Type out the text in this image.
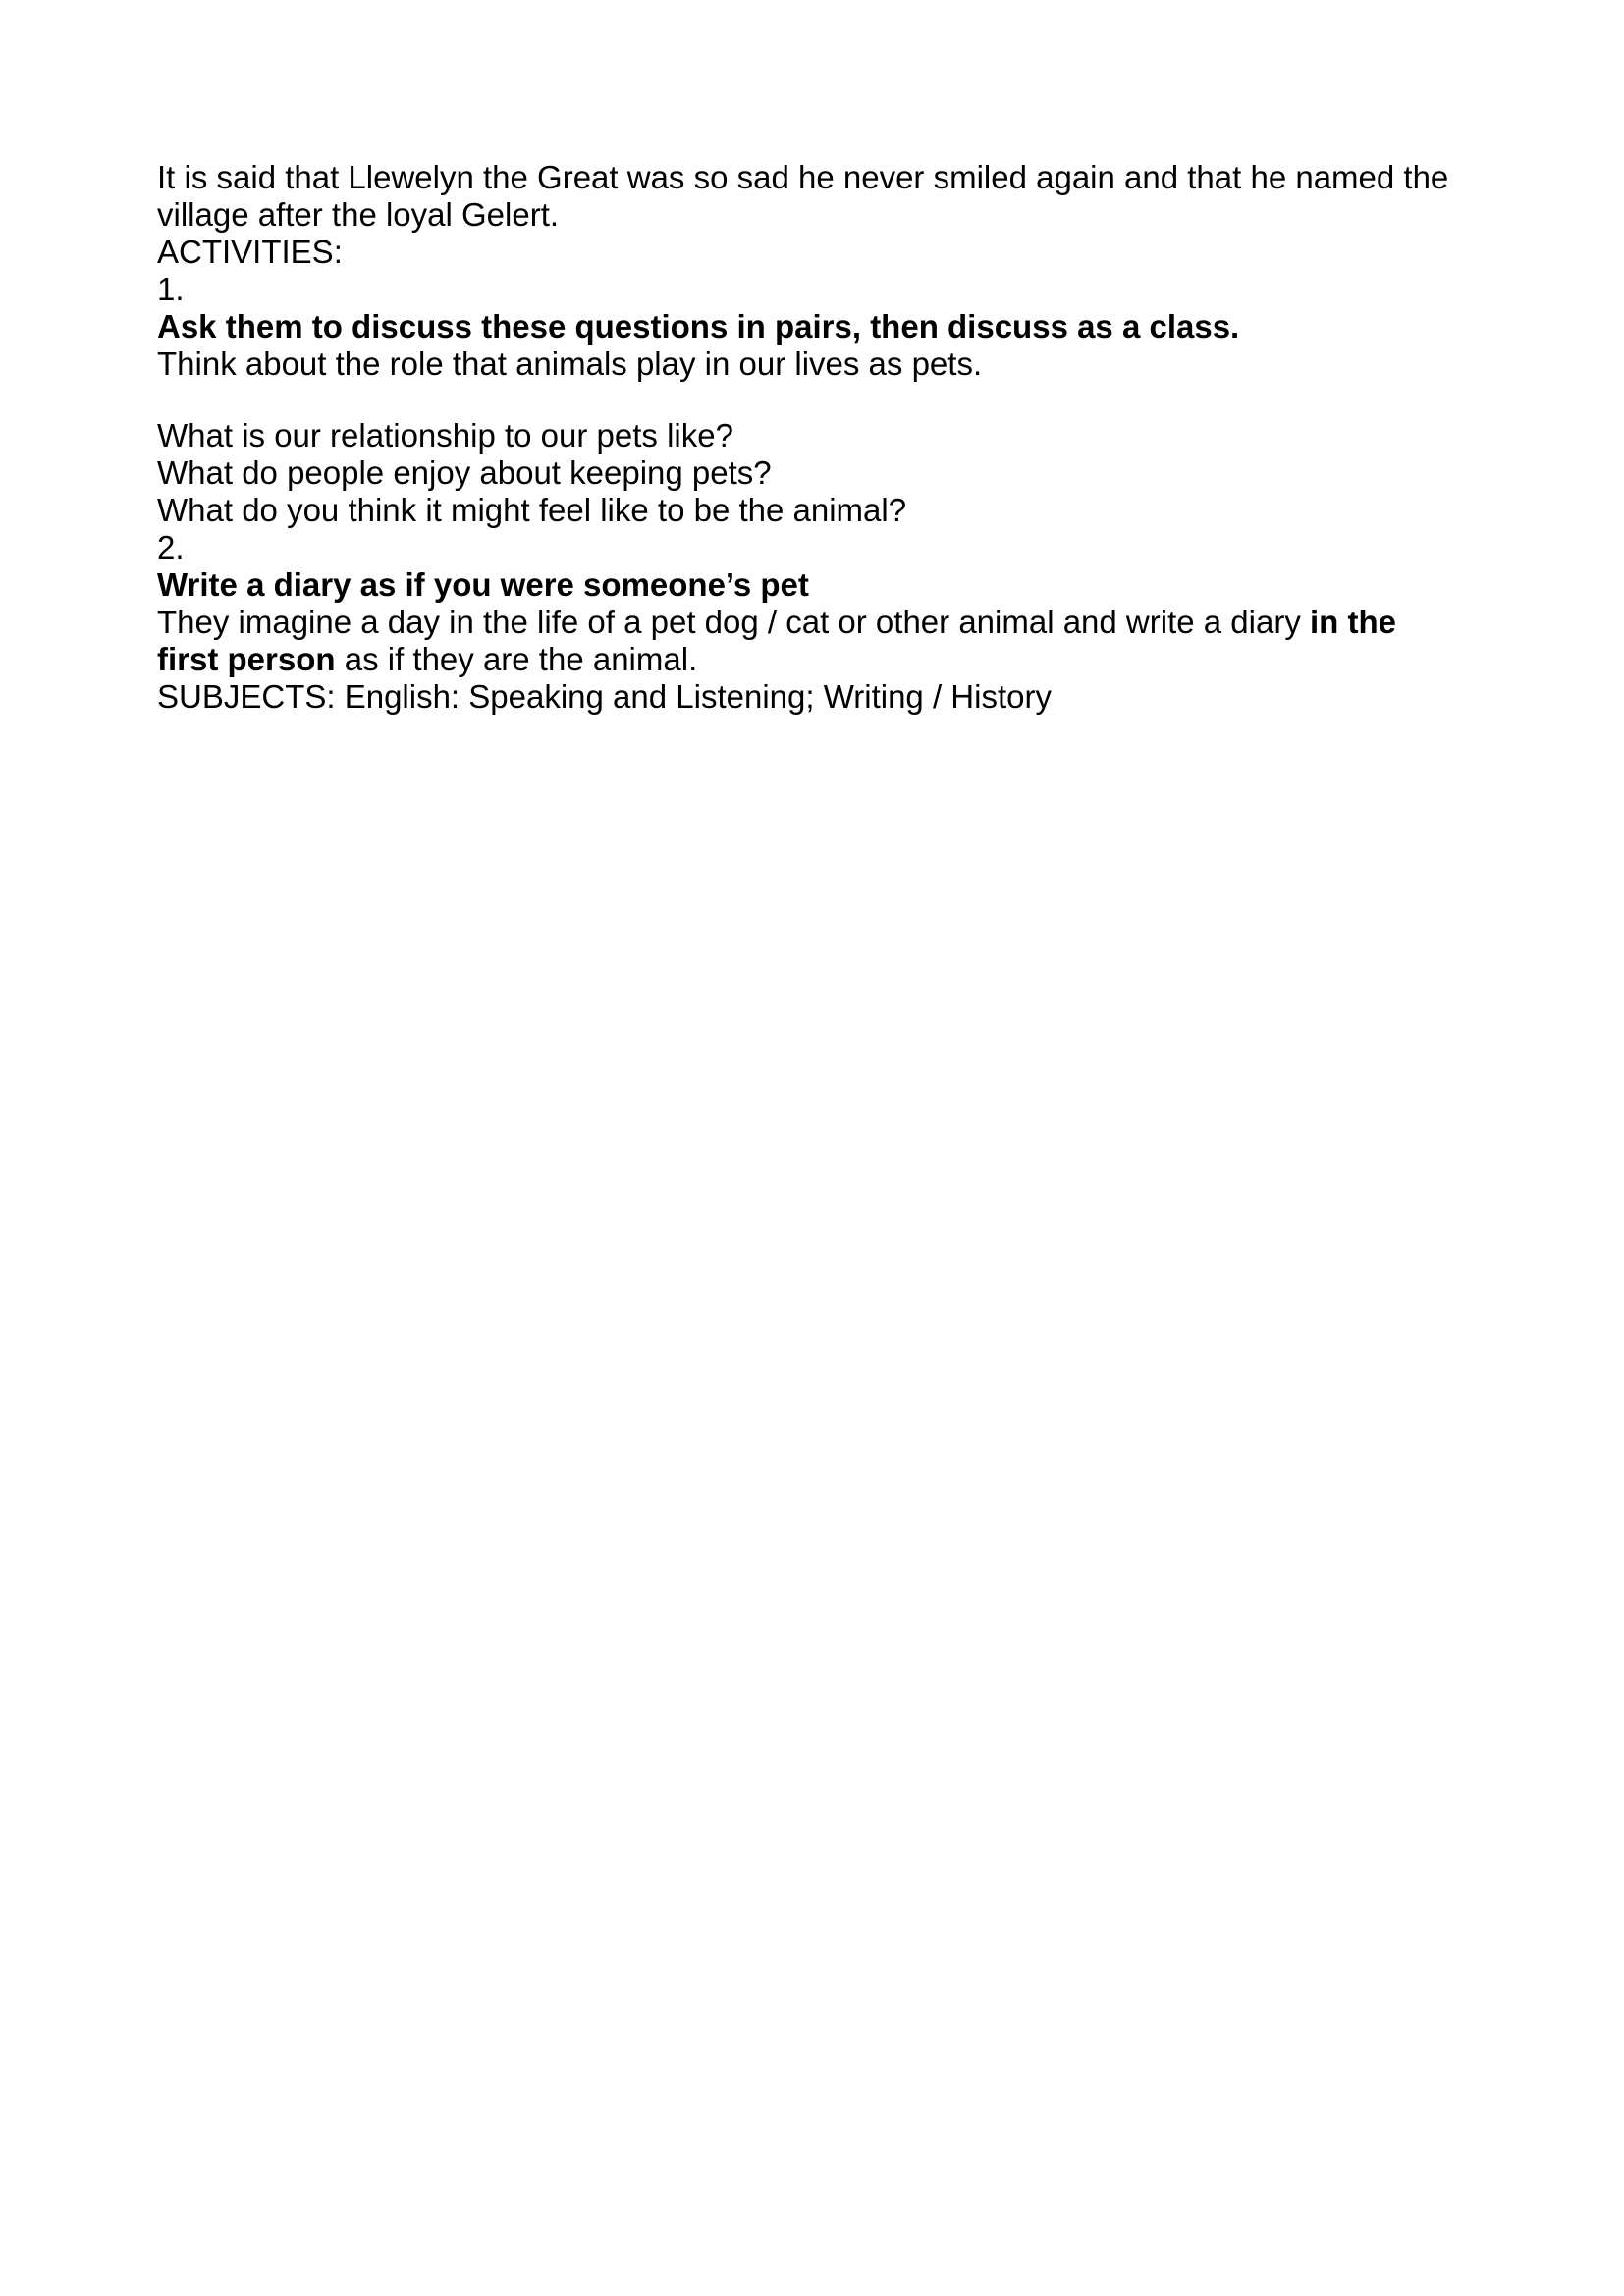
It is said that Llewelyn the Great was so sad he never smiled again and that he named the village after the loyal Gelert.

ACTIVITIES:

1.

Ask them to discuss these questions in pairs, then discuss as a class.

Think about the role that animals play in our lives as pets.

What is our relationship to our pets like?

What do people enjoy about keeping pets?

What do you think it might feel like to be the animal?

2.

Write a diary as if you were someone’s pet

They imagine a day in the life of a pet dog / cat or other animal and write a diary in the first person as if they are the animal.

SUBJECTS: English: Speaking and Listening; Writing / History
